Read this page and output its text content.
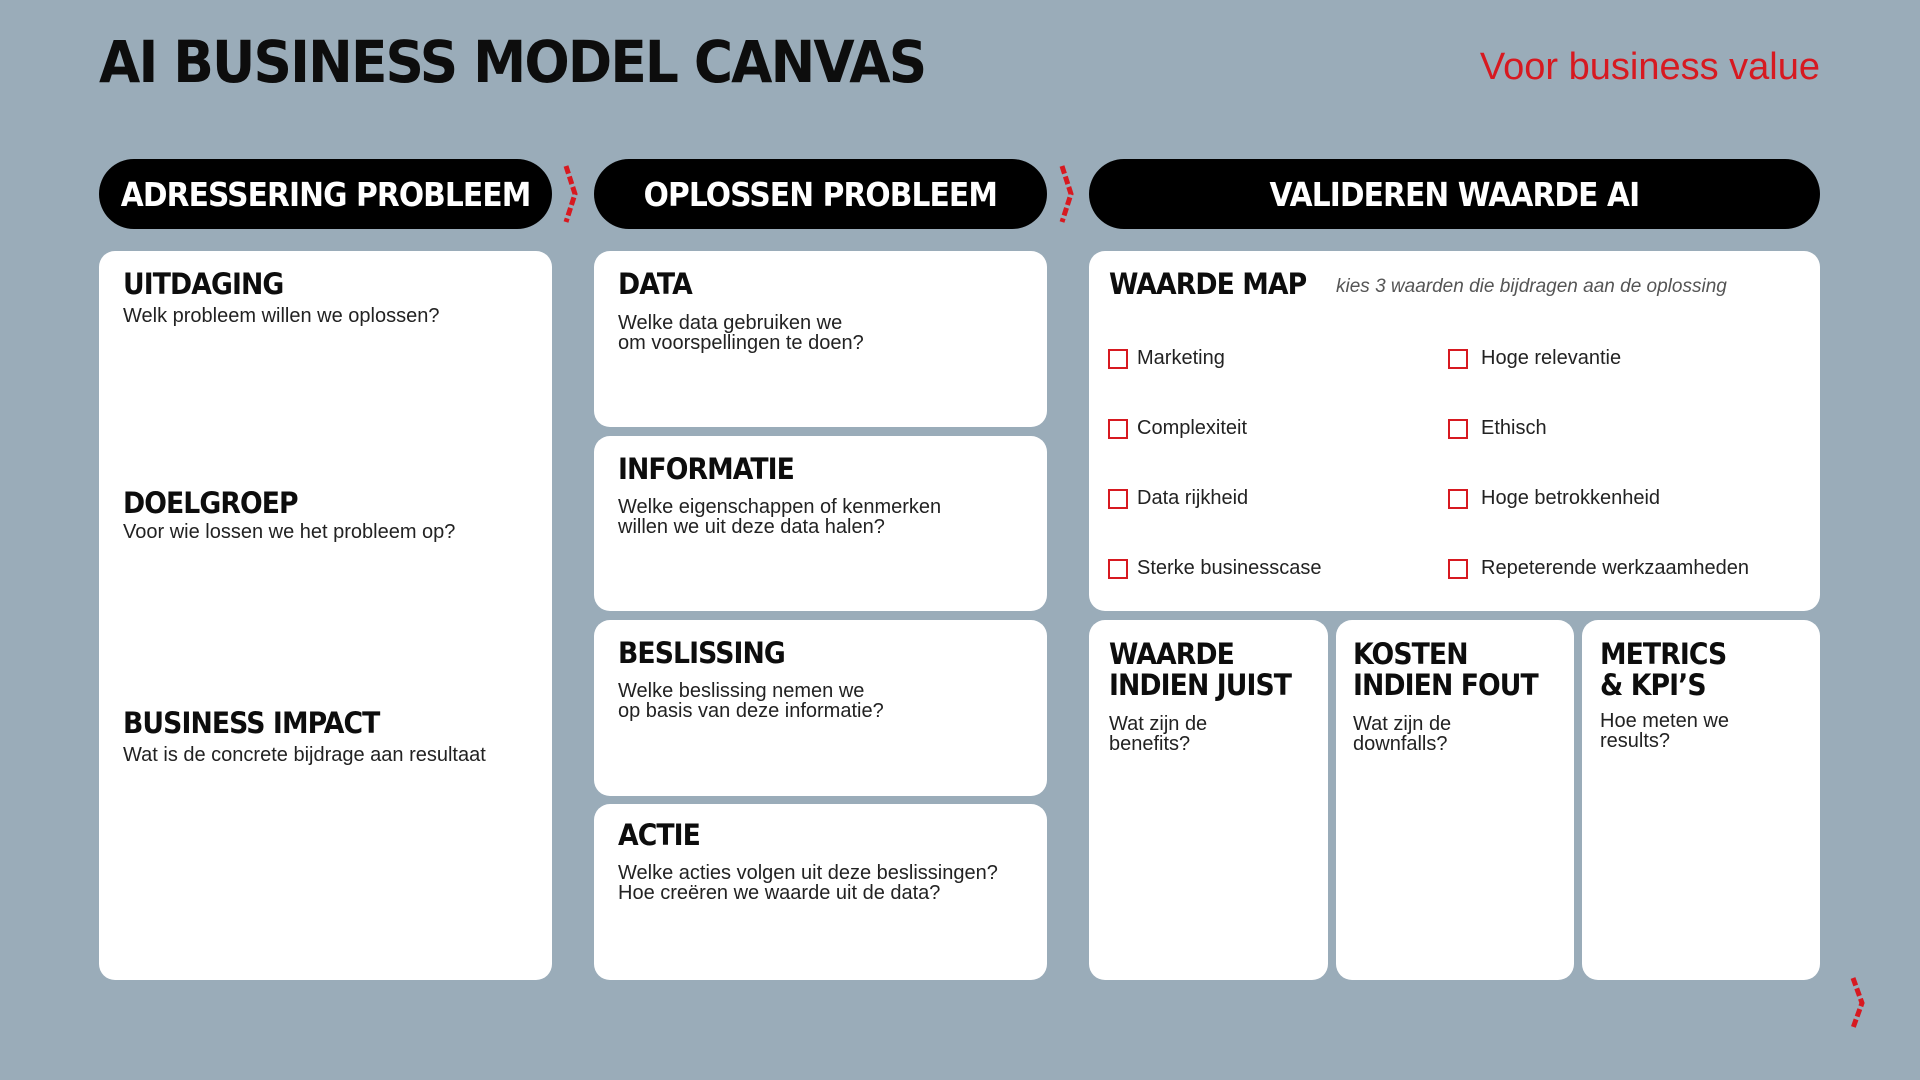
AI BUSINESS MODEL CANVAS	Voor business value
ADRESSERING PROBLEEM	OPLOSSEN PROBLEEM	VALIDEREN WAARDE AI
UITDAGING
Welk probleem willen we oplossen?
DOELGROEP
Voor wie lossen we het probleem op?
BUSINESS IMPACT
Wat is de concrete bijdrage aan resultaat
DATA
Welke data gebruiken we
om voorspellingen te doen?
INFORMATIE
Welke eigenschappen of kenmerken
willen we uit deze data halen?
BESLISSING
Welke beslissing nemen we
op basis van deze informatie?
ACTIE
Welke acties volgen uit deze beslissingen?
Hoe creëren we waarde uit de data?
WAARDE MAP	kies 3 waarden die bijdragen aan de oplossing
Marketing	Hoge relevantie
Complexiteit	Ethisch
Data rijkheid	Hoge betrokkenheid
Sterke businesscase	Repeterende werkzaamheden
WAARDE
INDIEN JUIST
Wat zijn de
benefits?
KOSTEN
INDIEN FOUT
Wat zijn de
downfalls?
METRICS
& KPI’S
Hoe meten we
results?
